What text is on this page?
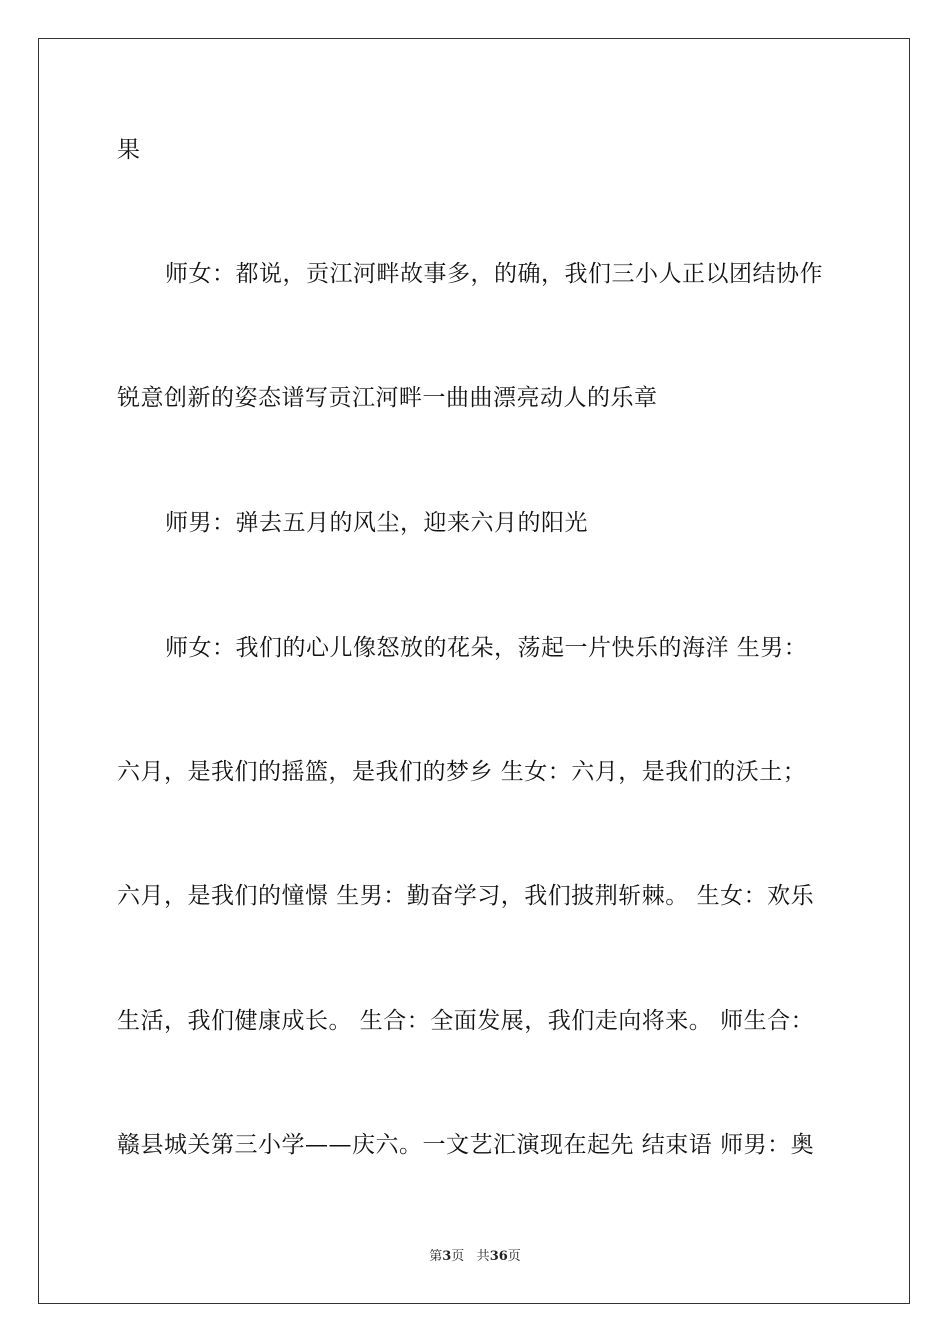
果
师女：都说，贡江河畔故事多，的确，我们三小人正以团结协作
锐意创新的姿态谱写贡江河畔一曲曲漂亮动人的乐章
师男：弹去五月的风尘，迎来六月的阳光
师女：我们的心儿像怒放的花朵，荡起一片快乐的海洋 生男：
六月，是我们的摇篮，是我们的梦乡 生女：六月，是我们的沃土；
六月，是我们的憧憬 生男：勤奋学习，我们披荆斩棘。 生女：欢乐
生活，我们健康成长。 生合：全面发展，我们走向将来。 师生合：
赣县城关第三小学——庆六。一文艺汇演现在起先 结束语 师男：奥
第3页 共36页
